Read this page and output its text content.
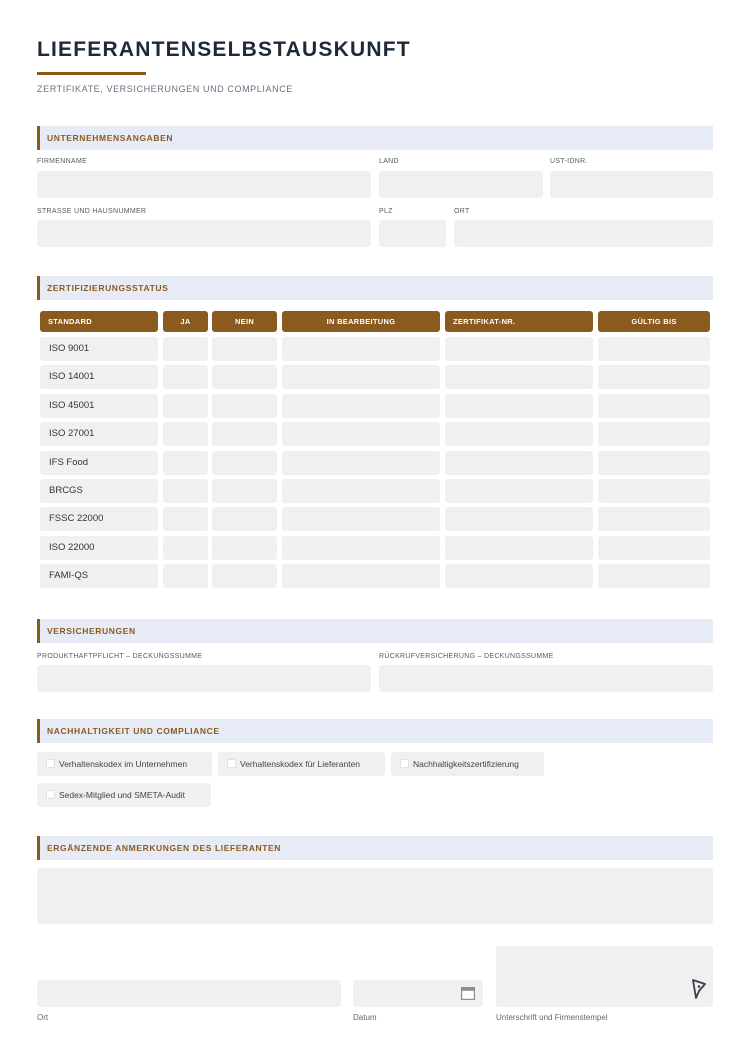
LIEFERANTENSELBSTAUSKUNFT
ZERTIFIKATE, VERSICHERUNGEN UND COMPLIANCE
UNTERNEHMENSANGABEN
FIRMENNAME	LAND	UST-IDNR.
STRASSE UND HAUSNUMMER	PLZ	ORT
ZERTIFIZIERUNGSSTATUS
STANDARD	JA	NEIN	IN BEARBEITUNG	ZERTIFIKAT-NR.	GÜLTIG BIS
ISO 9001
ISO 14001
ISO 45001
ISO 27001
IFS Food
BRCGS
FSSC 22000
ISO 22000
FAMI-QS
VERSICHERUNGEN
PRODUKTHAFTPFLICHT – DECKUNGSSUMME	RÜCKRUFVERSICHERUNG – DECKUNGSSUMME
NACHHALTIGKEIT UND COMPLIANCE
Verhaltenskodex im Unternehmen	Verhaltenskodex für Lieferanten	Nachhaltigkeitszertifizierung
Sedex-Mitglied und SMETA-Audit
ERGÄNZENDE ANMERKUNGEN DES LIEFERANTEN
Ort	Datum	Unterschrift und Firmenstempel
